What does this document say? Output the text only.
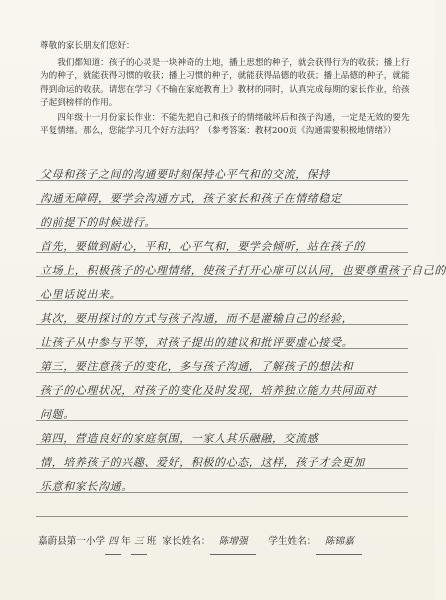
尊敬的家长朋友们您好：

我们都知道：孩子的心灵是一块神奇的土地，播上思想的种子，就会获得行为的收获；播上行为的种子，就能获得习惯的收获；播上习惯的种子，就能获得品德的收获；播上品德的种子，就能得到命运的收获。请您在学习《不输在家庭教育上》教材的同时，认真完成每期的家长作业，给孩子起到榜样的作用。

四年级十一月份家长作业：不能先把自己和孩子的情绪破坏后和孩子沟通，一定是无效的要先平复情绪。那么，您能学习几个好方法吗？（参考答案：教材200页《沟通需要积极地情绪》）

父母和孩子之间的沟通要时刻保持心平气和的交流，保持
沟通无障碍，要学会沟通方式，孩子家长和孩子在情绪稳定
的前提下的时候进行。
首先，要做到耐心，平和，心平气和，要学会倾听，站在孩子的
立场上，积极孩子的心理情绪，使孩子打开心扉可以认同，也要尊重孩子自己的
心里话说出来。
其次，要用探讨的方式与孩子沟通，而不是灌输自己的经验，
让孩子从中参与平等，对孩子提出的建议和批评要虚心接受。
第三，要注意孩子的变化，多与孩子沟通，了解孩子的想法和
孩子的心理状况，对孩子的变化及时发现，培养独立能力共同面对
问题。
第四，营造良好的家庭氛围，一家人其乐融融，交流感
情，培养孩子的兴趣、爱好，积极的心态，这样，孩子才会更加
乐意和家长沟通。
嘉蔚县第一小学 四 年 三 班 家长姓名： 陈增强	学生姓名： 陈锦嘉
